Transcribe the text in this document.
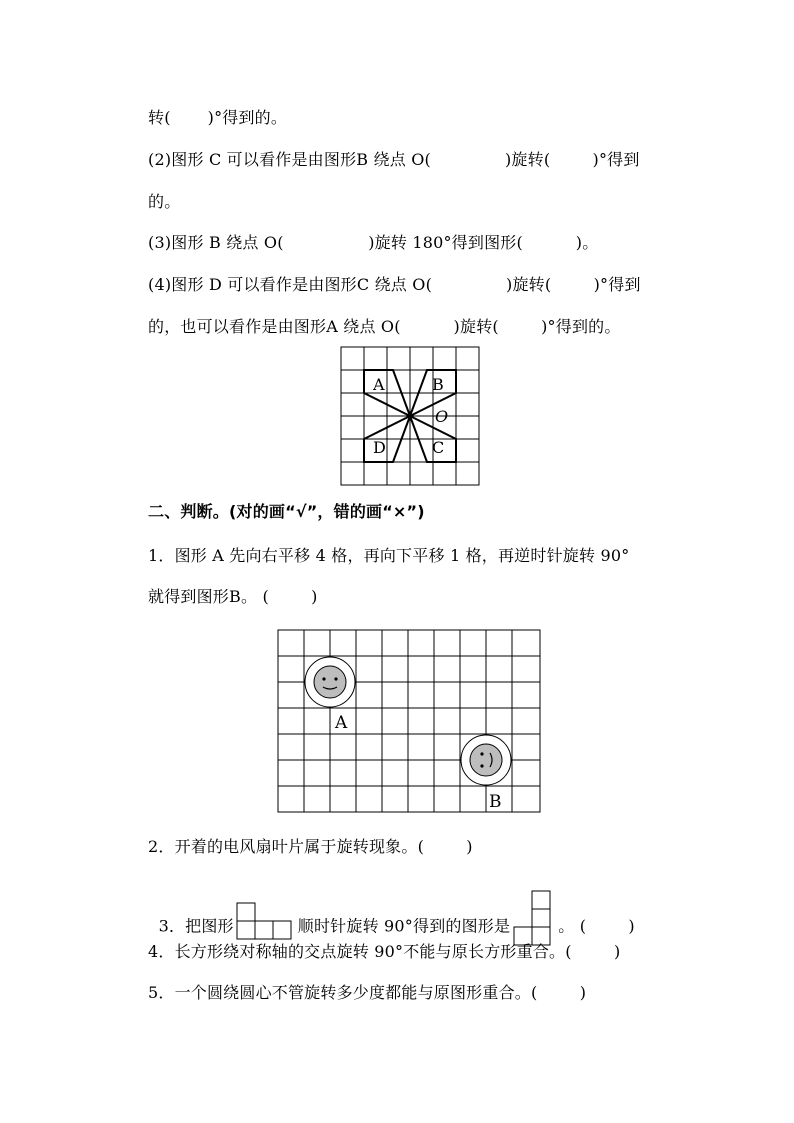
转(       )°得到的。
(2)图形 C 可以看作是由图形B 绕点 O(              )旋转(        )°得到
的。
(3)图形 B 绕点 O(                )旋转 180°得到图形(          )。
(4)图形 D 可以看作是由图形C 绕点 O(              )旋转(        )°得到
的，也可以看作是由图形A 绕点 O(          )旋转(        )°得到的。
A	B
C
D
O
二、判断。(对的画“√”，错的画“×”)
1．图形 A 先向右平移 4 格，再向下平移 1 格，再逆时针旋转 90°
就得到图形B。 (        )
A
B
2．开着的电风扇叶片属于旋转现象。(        )

3．把图形	顺时针旋转 90°得到的图形是	。 (        )

4．长方形绕对称轴的交点旋转 90°不能与原长方形重合。(        )
5．一个圆绕圆心不管旋转多少度都能与原图形重合。(        )
